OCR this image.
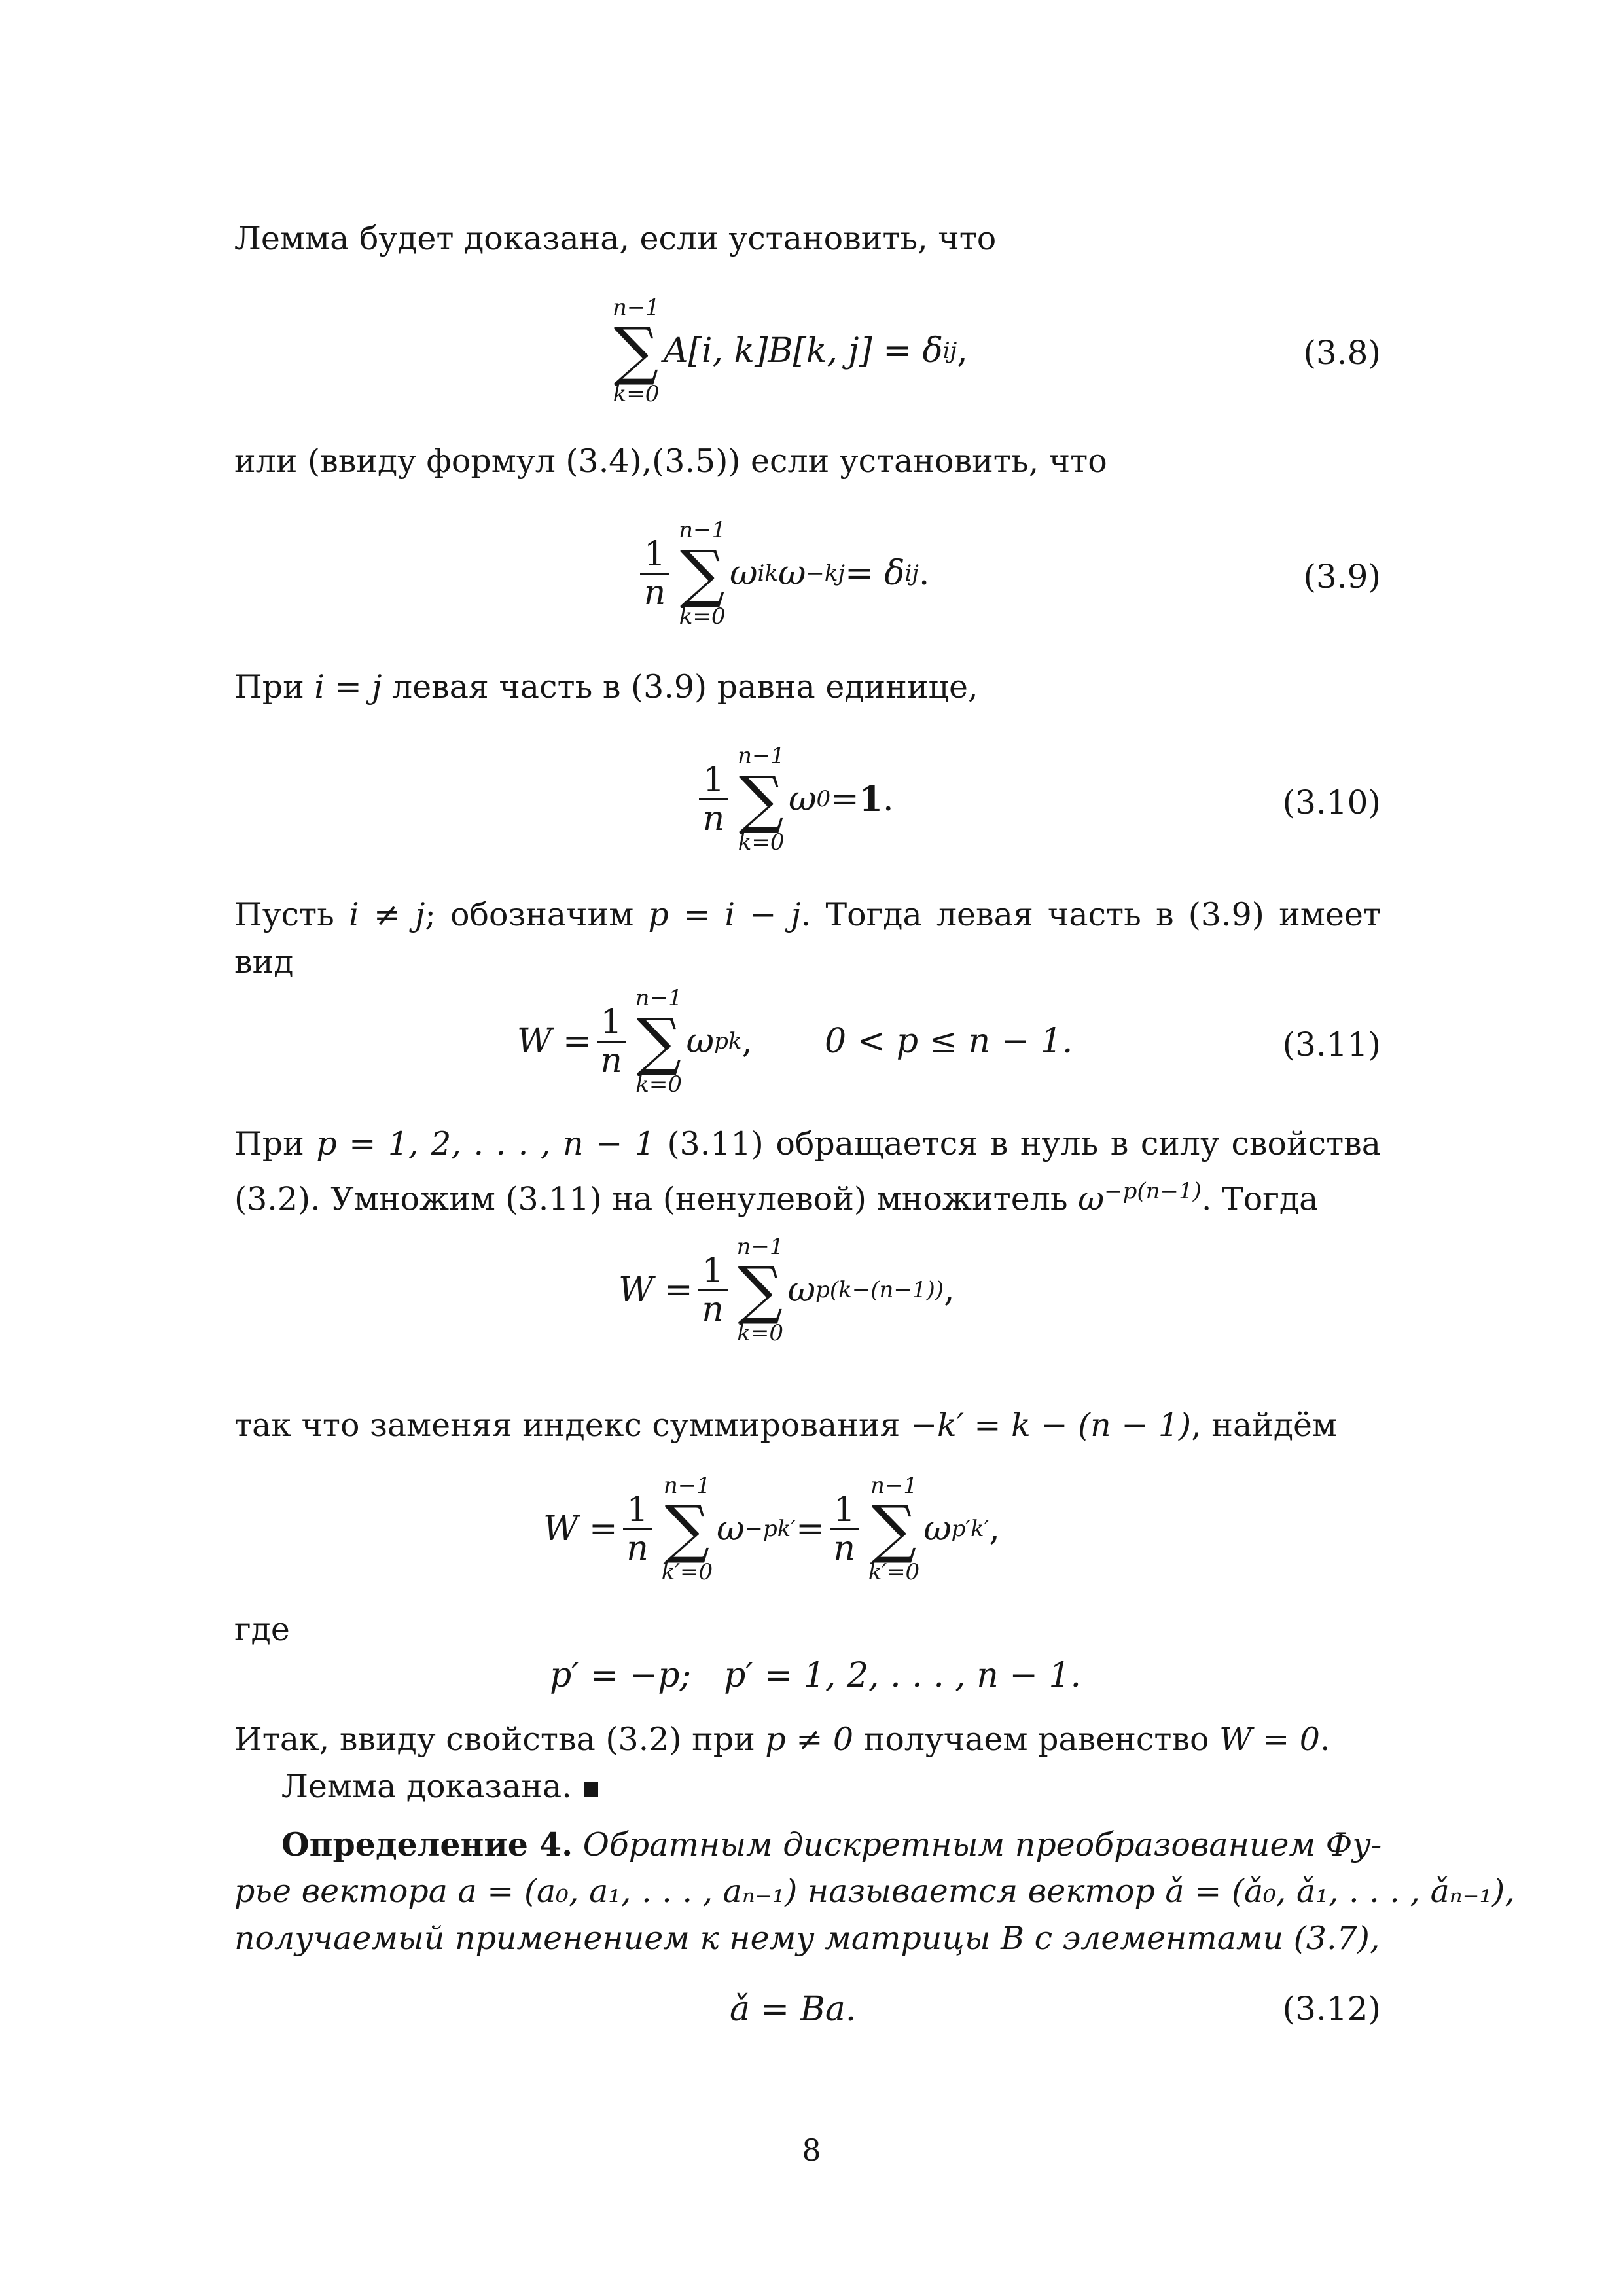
Лемма будет доказана, если установить, что
n−1
∑
k=0
A[i, k]B[k, j] = δ ij ,	(3.8)
или (ввиду формул (3.4),(3.5)) если установить, что
$\frac{1}{n}$
n−1
∑
k=0
ω ik ω −kj = δ ij .	(3.9)
При i = j левая часть в (3.9) равна единице,
$\frac{1}{n}$
n−1
∑
k=0
ω 0 = 1 .	(3.10)
Пусть i ≠ j; обозначим p = i − j. Тогда левая часть в (3.9) имеет
вид
$W = \frac{1}{n}$
n−1
∑
k=0
ω pk , 0 < p ≤ n − 1.	(3.11)
При p = 1, 2, . . . , n − 1 (3.11) обращается в нуль в силу свойства
(3.2). Умножим (3.11) на (ненулевой) множитель $\omega^{-p(n-1)}$. Тогда
$W = \frac{1}{n}$
n−1
∑
k=0
ω p(k−(n−1)) ,
так что заменяя индекс суммирования −k′ = k − (n − 1), найдём
$W = \frac{1}{n}$
n−1
∑
k′=0
$\omega -pk' = \frac{1}{n}$
n−1
∑
k′=0
ω p′k′ ,
где
p′ = −p; p′ = 1, 2, . . . , n − 1.
Итак, ввиду свойства (3.2) при p ≠ 0 получаем равенство W = 0.
Лемма доказана.
Определение 4. Обратным дискретным преобразованием Фу-
рье вектора a = (a₀, a₁, . . . , aₙ₋₁) называется вектор ǎ = (ǎ₀, ǎ₁, . . . , ǎₙ₋₁),
получаемый применением к нему матрицы B с элементами (3.7),
ǎ = Ba.	(3.12)
8
